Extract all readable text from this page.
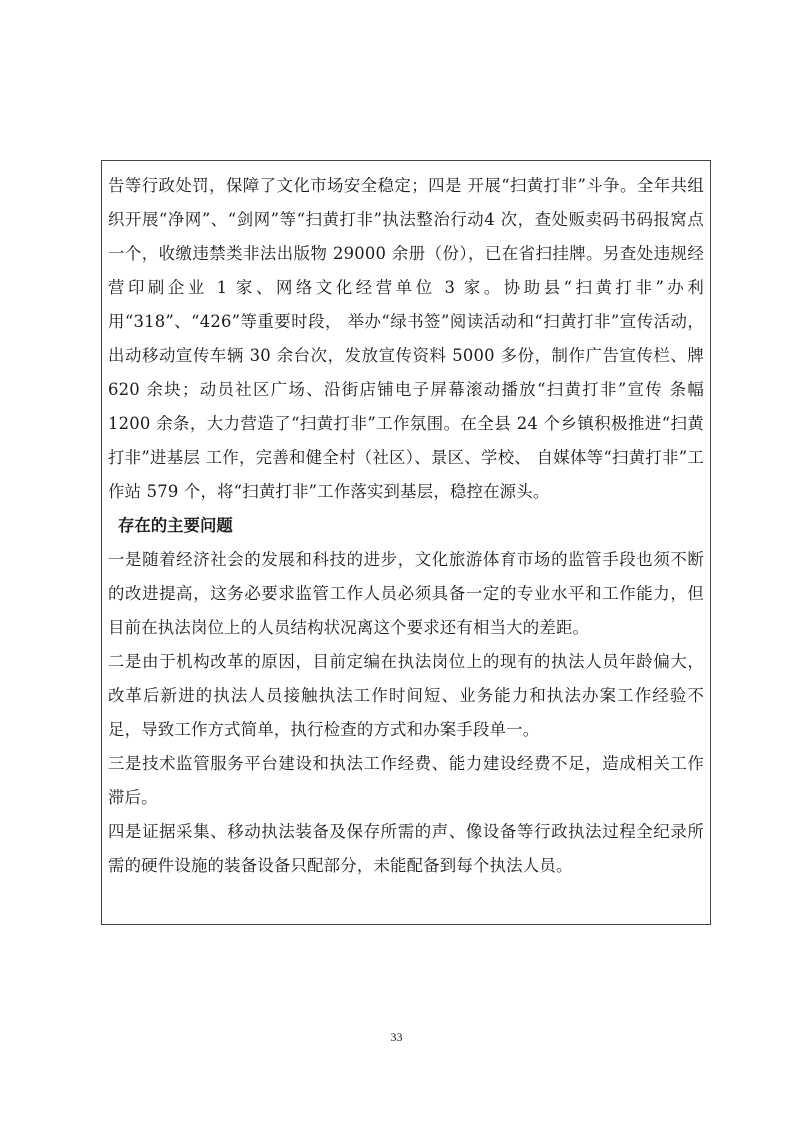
告等行政处罚，保障了文化市场安全稳定；四是 开展“扫黄打非”斗争。全年共组织开展“净网”、“剑网”等“扫黄打非”执法整治行动4 次，查处贩卖码书码报窝点一个，收缴违禁类非法出版物 29000 余册（份），已在省扫挂牌。另查处违规经 营印刷企业 1 家、网络文化经营单位 3 家。协助县“扫黄打非”办利用“318”、“426”等重要时段， 举办“绿书签”阅读活动和“扫黄打非”宣传活动，出动移动宣传车辆 30 余台次，发放宣传资料 5000 多份，制作广告宣传栏、牌 620 余块；动员社区广场、沿街店铺电子屏幕滚动播放“扫黄打非”宣传 条幅 1200 余条，大力营造了“扫黄打非”工作氛围。在全县 24 个乡镇积极推进“扫黄打非”进基层 工作，完善和健全村（社区）、景区、学校、 自媒体等“扫黄打非”工作站 579 个，将“扫黄打非”工作落实到基层，稳控在源头。

存在的主要问题

一是随着经济社会的发展和科技的进步，文化旅游体育市场的监管手段也须不断的改进提高，这务必要求监管工作人员必须具备一定的专业水平和工作能力，但目前在执法岗位上的人员结构状况离这个要求还有相当大的差距。

二是由于机构改革的原因，目前定编在执法岗位上的现有的执法人员年龄偏大，改革后新进的执法人员接触执法工作时间短、业务能力和执法办案工作经验不足，导致工作方式简单，执行检查的方式和办案手段单一。

三是技术监管服务平台建设和执法工作经费、能力建设经费不足，造成相关工作滞后。

四是证据采集、移动执法装备及保存所需的声、像设备等行政执法过程全纪录所需的硬件设施的装备设备只配部分，未能配备到每个执法人员。

33
